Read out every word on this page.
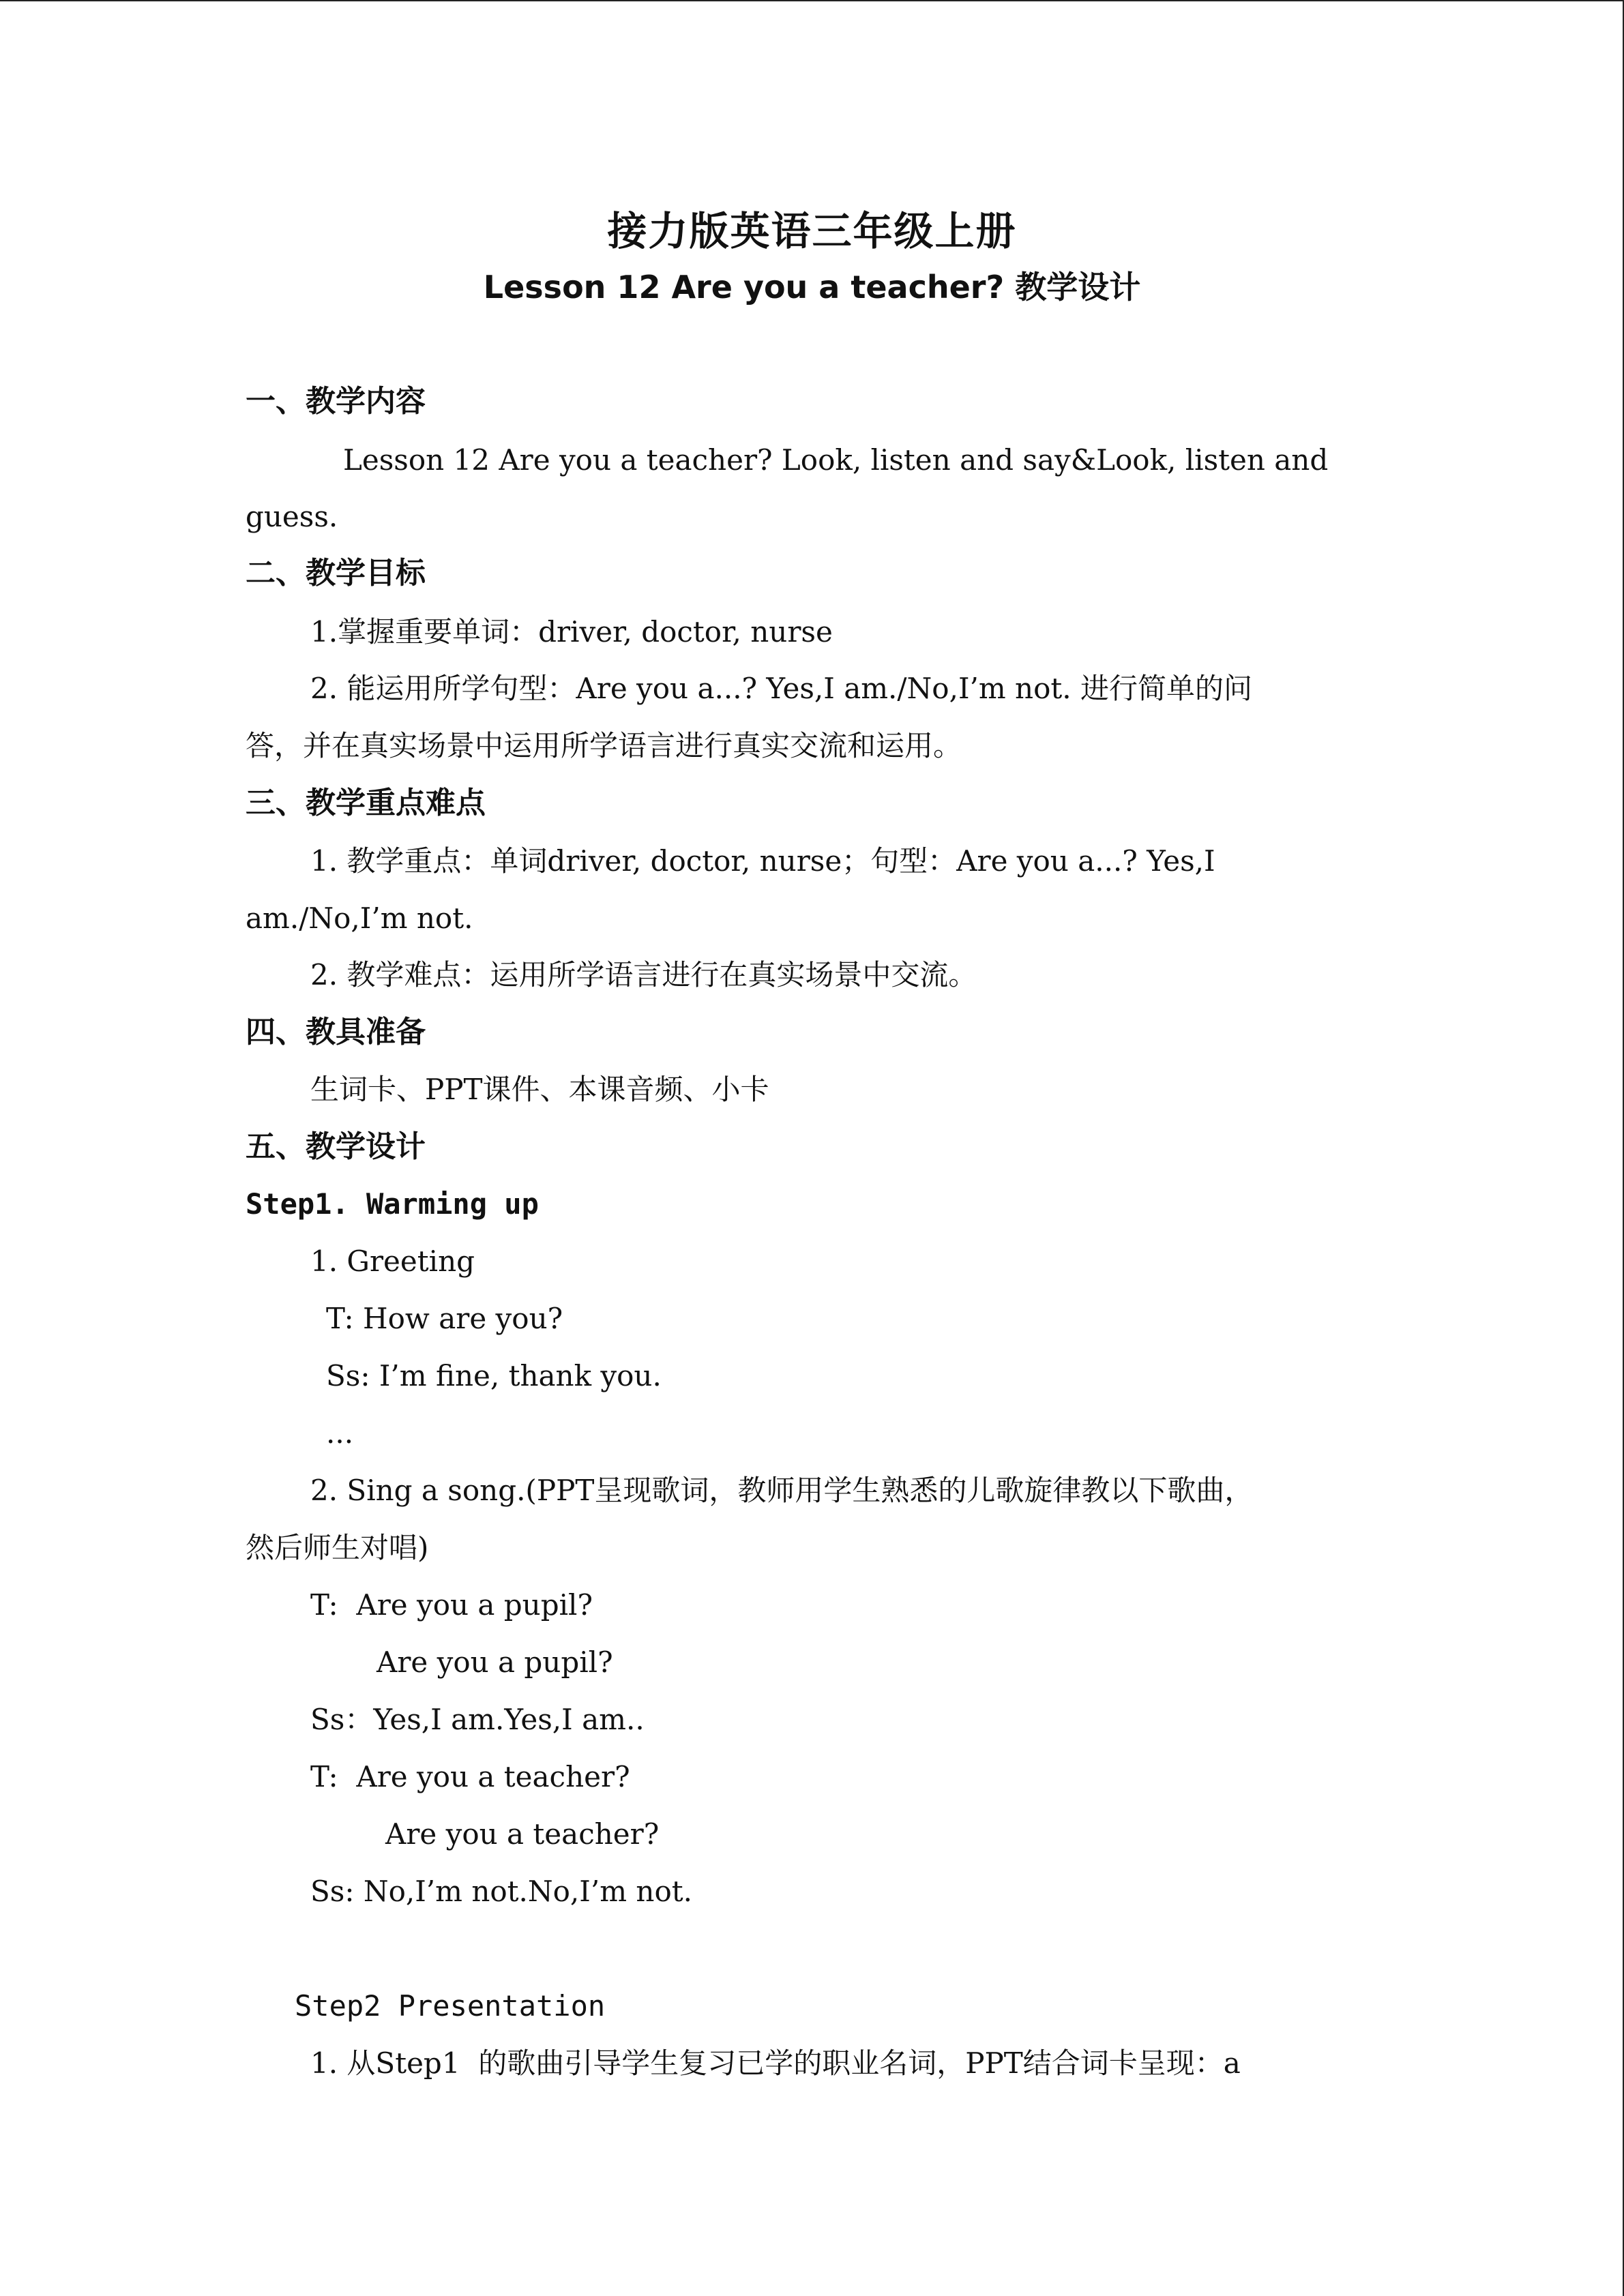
接力版英语三年级上册
Lesson 12 Are you a teacher? 教学设计
一、教学内容
Lesson 12 Are you a teacher? Look, listen and say&Look, listen and
guess.
二、教学目标
1.掌握重要单词：driver, doctor, nurse
2. 能运用所学句型：Are you a...? Yes,I am./No,I’m not. 进行简单的问
答，并在真实场景中运用所学语言进行真实交流和运用。
三、教学重点难点
1. 教学重点：单词driver, doctor, nurse；句型：Are you a...? Yes,I
am./No,I’m not.
2. 教学难点：运用所学语言进行在真实场景中交流。
四、教具准备
生词卡、PPT课件、本课音频、小卡
五、教学设计
Step1. Warming up
1. Greeting
T: How are you?
Ss: I’m fine, thank you.
...
2. Sing a song.(PPT呈现歌词，教师用学生熟悉的儿歌旋律教以下歌曲，
然后师生对唱)
T:  Are you a pupil?
Are you a pupil?
Ss：Yes,I am.Yes,I am..
T:  Are you a teacher?
Are you a teacher?
Ss: No,I’m not.No,I’m not.
Step2 Presentation
1. 从Step1  的歌曲引导学生复习已学的职业名词，PPT结合词卡呈现：a
